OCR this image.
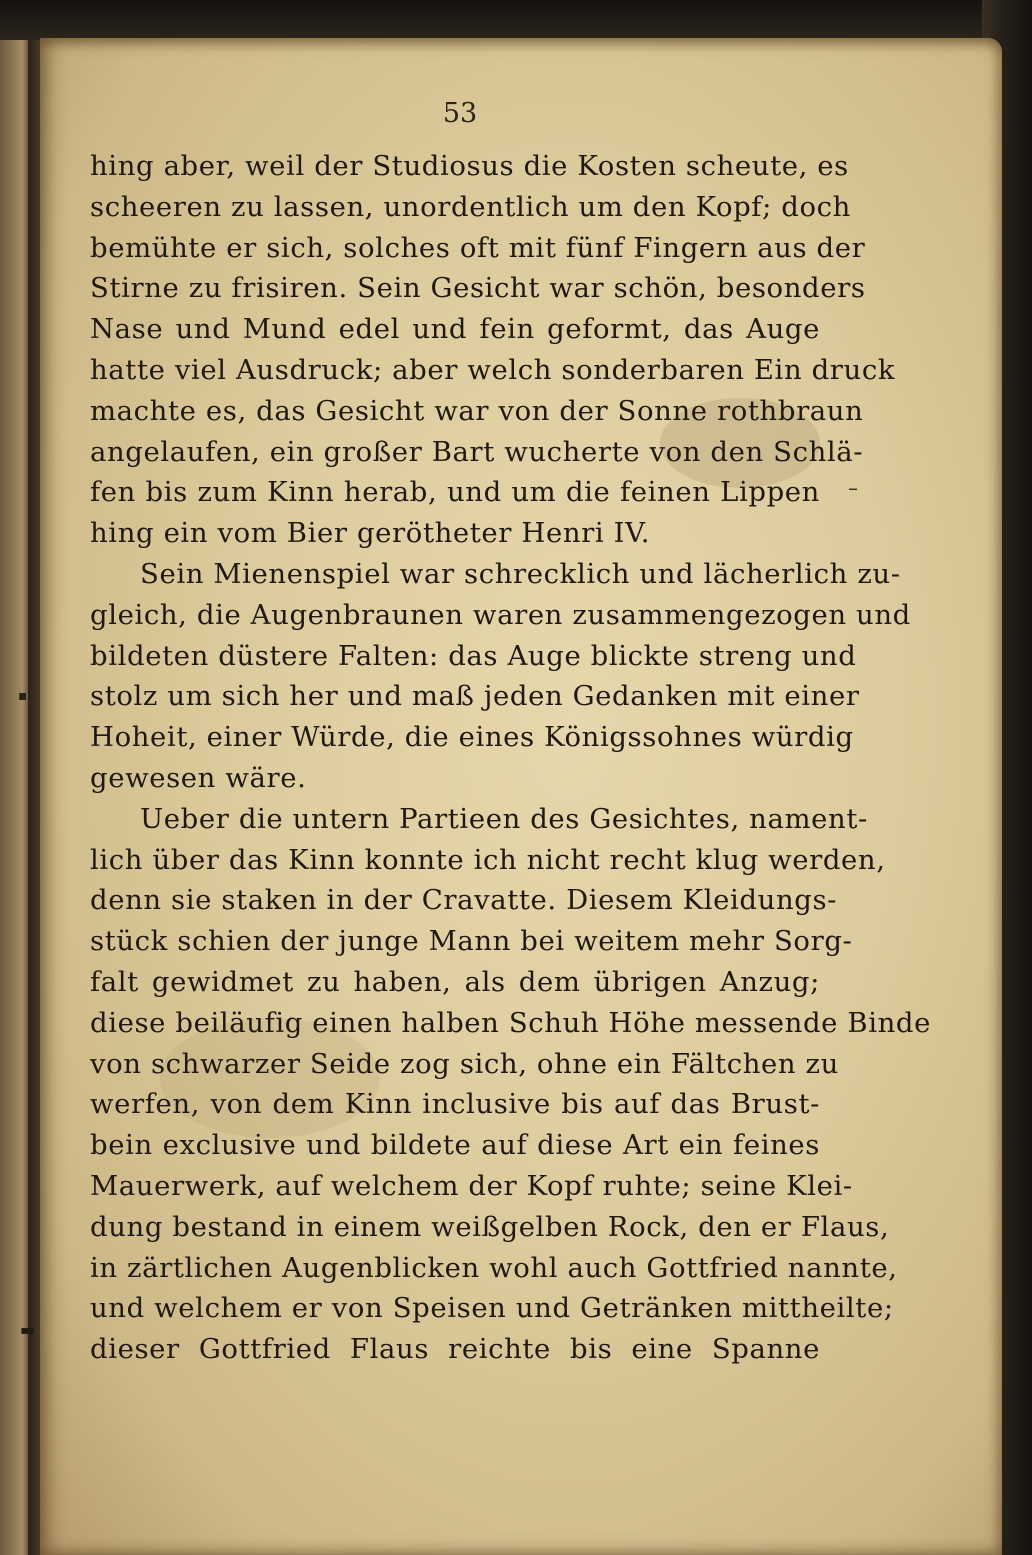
53
hing aber, weil der Studiosus die Kosten scheute, es
scheeren zu lassen, unordentlich um den Kopf; doch
bemühte er sich, solches oft mit fünf Fingern aus der
Stirne zu frisiren. Sein Gesicht war schön, besonders
Nase und Mund edel und fein geformt, das Auge
hatte viel Ausdruck; aber welch sonderbaren Ein druck
machte es, das Gesicht war von der Sonne rothbraun
angelaufen, ein großer Bart wucherte von den Schlä-
fen bis zum Kinn herab, und um die feinen Lippen
hing ein vom Bier gerötheter Henri IV.
Sein Mienenspiel war schrecklich und lächerlich zu-
gleich, die Augenbraunen waren zusammengezogen und
bildeten düstere Falten: das Auge blickte streng und
stolz um sich her und maß jeden Gedanken mit einer
Hoheit, einer Würde, die eines Königssohnes würdig
gewesen wäre.
Ueber die untern Partieen des Gesichtes, nament-
lich über das Kinn konnte ich nicht recht klug werden,
denn sie staken in der Cravatte. Diesem Kleidungs-
stück schien der junge Mann bei weitem mehr Sorg-
falt gewidmet zu haben, als dem übrigen Anzug;
diese beiläufig einen halben Schuh Höhe messende Binde
von schwarzer Seide zog sich, ohne ein Fältchen zu
werfen, von dem Kinn inclusive bis auf das Brust-
bein exclusive und bildete auf diese Art ein feines
Mauerwerk, auf welchem der Kopf ruhte; seine Klei-
dung bestand in einem weißgelben Rock, den er Flaus,
in zärtlichen Augenblicken wohl auch Gottfried nannte,
und welchem er von Speisen und Getränken mittheilte;
dieser Gottfried Flaus reichte bis eine Spanne
–
▪
▬
